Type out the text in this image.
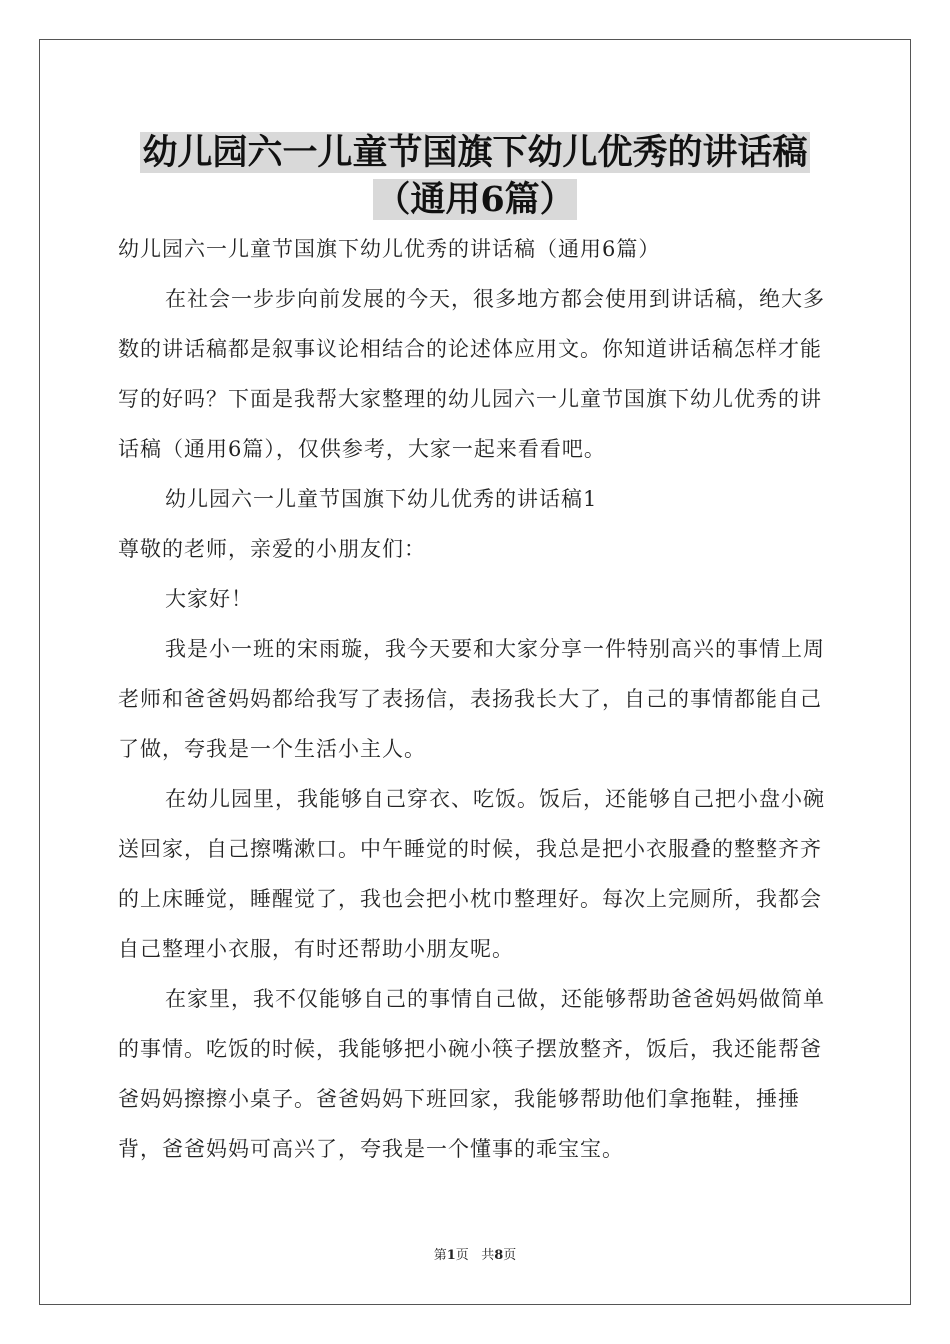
幼儿园六一儿童节国旗下幼儿优秀的讲话稿
（通用6篇）

幼儿园六一儿童节国旗下幼儿优秀的讲话稿（通用6篇）

在社会一步步向前发展的今天，很多地方都会使用到讲话稿，绝大多数的讲话稿都是叙事议论相结合的论述体应用文。你知道讲话稿怎样才能写的好吗？下面是我帮大家整理的幼儿园六一儿童节国旗下幼儿优秀的讲话稿（通用6篇），仅供参考，大家一起来看看吧。

幼儿园六一儿童节国旗下幼儿优秀的讲话稿1

尊敬的老师，亲爱的小朋友们：

大家好！

我是小一班的宋雨璇，我今天要和大家分享一件特别高兴的事情上周老师和爸爸妈妈都给我写了表扬信，表扬我长大了，自己的事情都能自己了做，夸我是一个生活小主人。

在幼儿园里，我能够自己穿衣、吃饭。饭后，还能够自己把小盘小碗送回家，自己擦嘴漱口。中午睡觉的时候，我总是把小衣服叠的整整齐齐的上床睡觉，睡醒觉了，我也会把小枕巾整理好。每次上完厕所，我都会自己整理小衣服，有时还帮助小朋友呢。

在家里，我不仅能够自己的事情自己做，还能够帮助爸爸妈妈做简单的事情。吃饭的时候，我能够把小碗小筷子摆放整齐，饭后，我还能帮爸爸妈妈擦擦小桌子。爸爸妈妈下班回家，我能够帮助他们拿拖鞋，捶捶背，爸爸妈妈可高兴了，夸我是一个懂事的乖宝宝。

第1页 共8页
